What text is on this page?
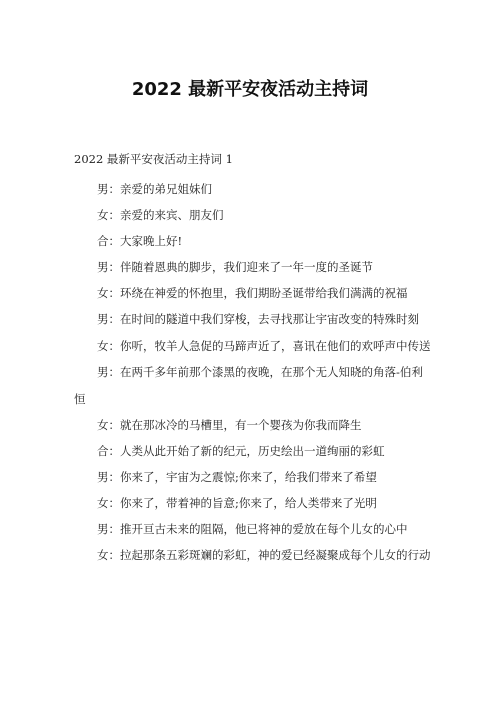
2022 最新平安夜活动主持词

2022 最新平安夜活动主持词 1

男：亲爱的弟兄姐妹们

女：亲爱的来宾、朋友们

合：大家晚上好!

男：伴随着恩典的脚步，我们迎来了一年一度的圣诞节

女：环绕在神爱的怀抱里，我们期盼圣诞带给我们满满的祝福

男：在时间的隧道中我们穿梭，去寻找那让宇宙改变的特殊时刻

女：你听，牧羊人急促的马蹄声近了，喜讯在他们的欢呼声中传送

男：在两千多年前那个漆黑的夜晚，在那个无人知晓的角落-伯利恒

女：就在那冰冷的马槽里，有一个婴孩为你我而降生

合：人类从此开始了新的纪元，历史绘出一道绚丽的彩虹

男：你来了，宇宙为之震惊;你来了，给我们带来了希望

女：你来了，带着神的旨意;你来了，给人类带来了光明

男：推开亘古未来的阻隔，他已将神的爱放在每个儿女的心中

女：拉起那条五彩斑斓的彩虹，神的爱已经凝聚成每个儿女的行动
